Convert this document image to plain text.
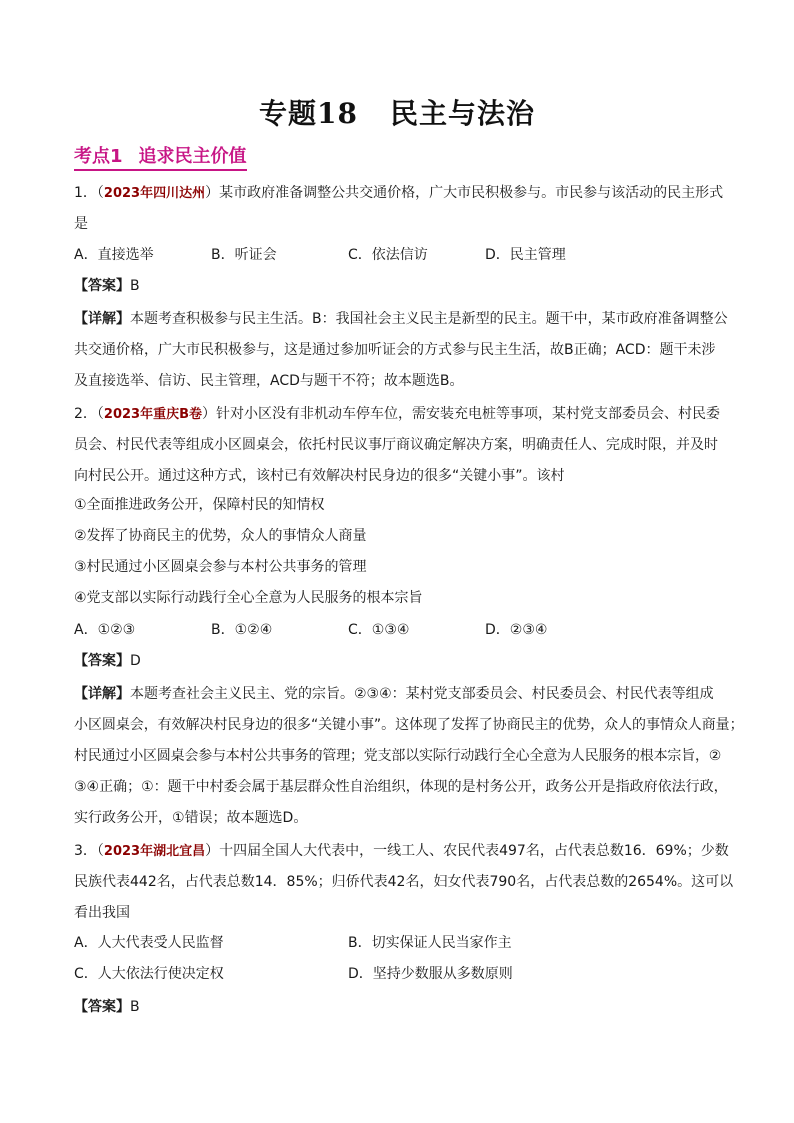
专题18 民主与法治
考点1 追求民主价值
1．（2023年四川达州）某市政府准备调整公共交通价格，广大市民积极参与。市民参与该活动的民主形式
是
A．直接选举	B．听证会	C．依法信访	D．民主管理
【答案】B
【详解】本题考查积极参与民主生活。B：我国社会主义民主是新型的民主。题干中，某市政府准备调整公
共交通价格，广大市民积极参与，这是通过参加听证会的方式参与民主生活，故B正确；ACD：题干未涉
及直接选举、信访、民主管理，ACD与题干不符；故本题选B。
2．（2023年重庆B卷）针对小区没有非机动车停车位，需安装充电桩等事项，某村党支部委员会、村民委
员会、村民代表等组成小区圆桌会，依托村民议事厅商议确定解决方案，明确责任人、完成时限，并及时
向村民公开。通过这种方式，该村已有效解决村民身边的很多“关键小事”。该村
①全面推进政务公开，保障村民的知情权
②发挥了协商民主的优势，众人的事情众人商量
③村民通过小区圆桌会参与本村公共事务的管理
④党支部以实际行动践行全心全意为人民服务的根本宗旨
A．①②③	B．①②④	C．①③④	D．②③④
【答案】D
【详解】本题考查社会主义民主、党的宗旨。②③④：某村党支部委员会、村民委员会、村民代表等组成
小区圆桌会，有效解决村民身边的很多“关键小事”。这体现了发挥了协商民主的优势，众人的事情众人商量；
村民通过小区圆桌会参与本村公共事务的管理；党支部以实际行动践行全心全意为人民服务的根本宗旨，②
③④正确；①：题干中村委会属于基层群众性自治组织，体现的是村务公开，政务公开是指政府依法行政，
实行政务公开，①错误；故本题选D。
3．（2023年湖北宜昌）十四届全国人大代表中，一线工人、农民代表497名，占代表总数16．69%；少数
民族代表442名，占代表总数14．85%；归侨代表42名，妇女代表790名，占代表总数的2654%。这可以
看出我国
A．人大代表受人民监督	B．切实保证人民当家作主
C．人大依法行使决定权	D．坚持少数服从多数原则
【答案】B
